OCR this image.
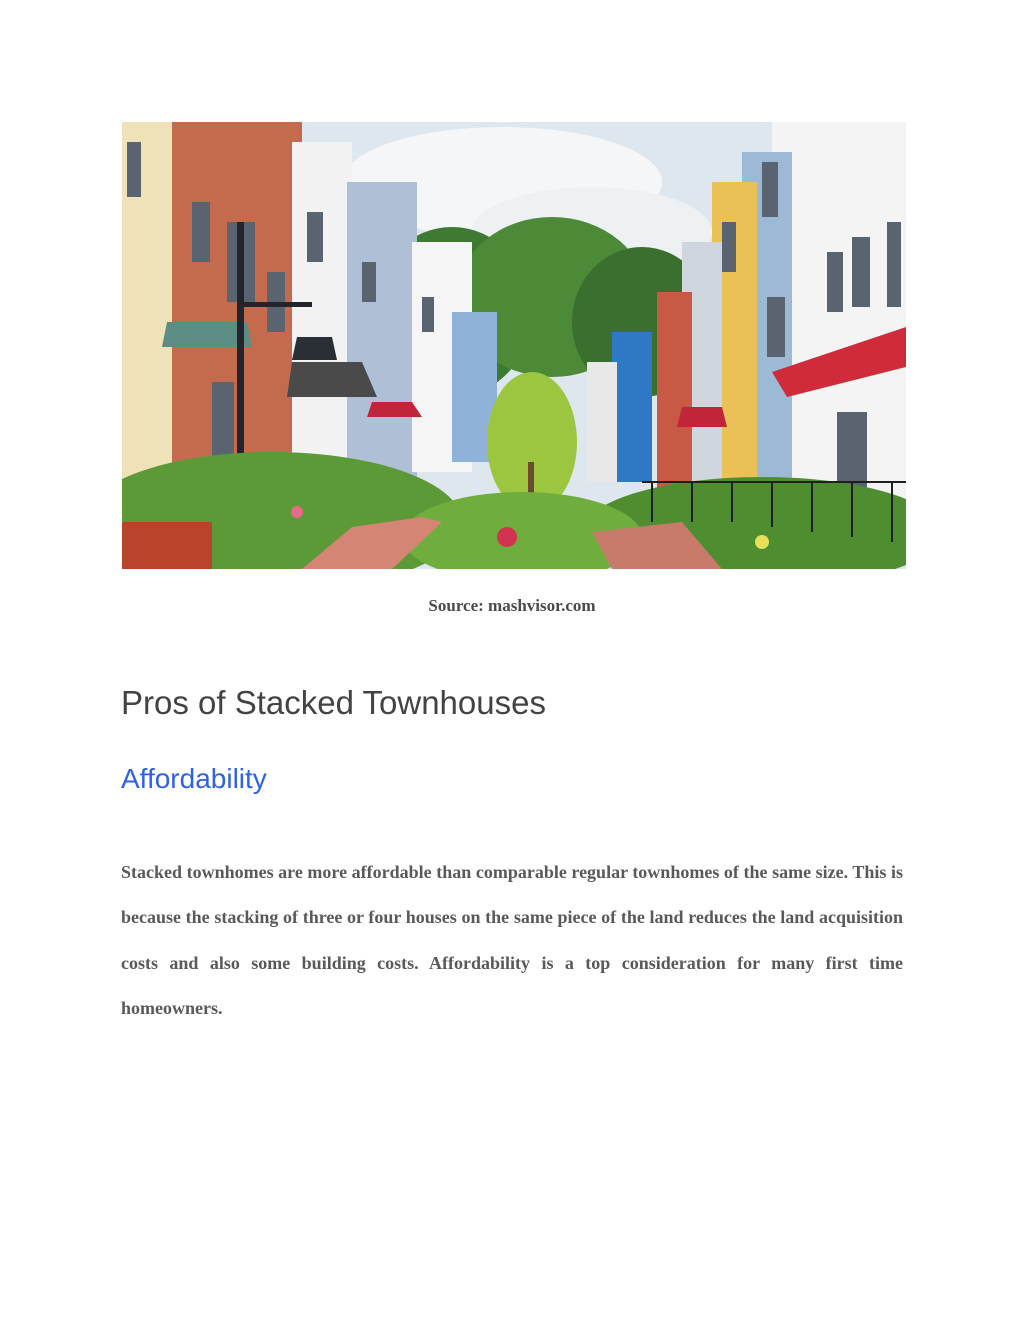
Source: mashvisor.com
Pros of Stacked Townhouses
Affordability

Stacked townhomes are more affordable than comparable regular townhomes of the same size. This is because the stacking of three or four houses on the same piece of the land reduces the land acquisition costs and also some building costs. Affordability is a top consideration for many first time homeowners.
